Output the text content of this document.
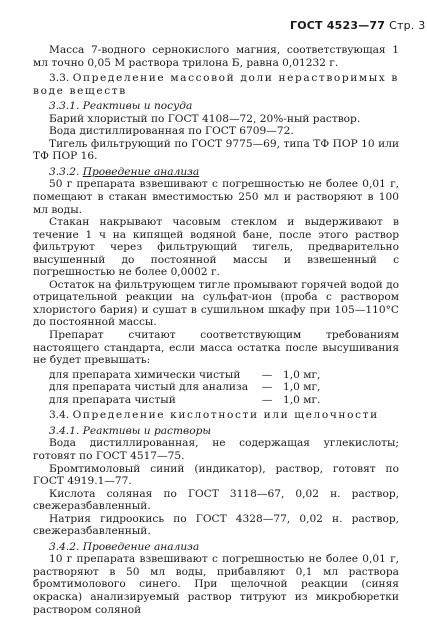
ГОСТ 4523—77 Стр. 3

Масса 7-водного сернокислого магния, соответствующая 1 мл точно 0,05 М раствора трилона Б, равна 0,01232 г.

3.3. Определение массовой доли нерастворимых в воде веществ

3.3.1. Реактивы и посуда

Барий хлористый по ГОСТ 4108—72, 20%-ный раствор.

Вода дистиллированная по ГОСТ 6709—72.

Тигель фильтрующий по ГОСТ 9775—69, типа ТФ ПОР 10 или ТФ ПОР 16.

3.3.2. Проведение анализа

50 г препарата взвешивают с погрешностью не более 0,01 г, помещают в стакан вместимостью 250 мл и растворяют в 100 мл воды.

Стакан накрывают часовым стеклом и выдерживают в течение 1 ч на кипящей водяной бане, после этого раствор фильтруют через фильтрующий тигель, предварительно высушенный до постоянной массы и взвешенный с погрешностью не более 0,0002 г.

Остаток на фильтрующем тигле промывают горячей водой до отрицательной реакции на сульфат-ион (проба с раствором хлористого бария) и сушат в сушильном шкафу при 105—110°С до постоянной массы.

Препарат считают соответствующим требованиям настоящего стандарта, если масса остатка после высушивания не будет превышать:

для препарата химически чистый	—	1,0 мг,
для препарата чистый для анализа	—	1,0 мг,
для препарата чистый	—	1,0 мг.

3.4. Определение кислотности или щелочности

3.4.1. Реактивы и растворы

Вода дистиллированная, не содержащая углекислоты; готовят по ГОСТ 4517—75.

Бромтимоловый синий (индикатор), раствор, готовят по ГОСТ 4919.1—77.

Кислота соляная по ГОСТ 3118—67, 0,02 н. раствор, свежеразбавленный.

Натрия гидроокись по ГОСТ 4328—77, 0,02 н. раствор, свежеразбавленный.

3.4.2. Проведение анализа

10 г препарата взвешивают с погрешностью не более 0,01 г, растворяют в 50 мл воды, прибавляют 0,1 мл раствора бромтимолового синего. При щелочной реакции (синяя окраска) анализируемый раствор титруют из микробюретки раствором соляной
